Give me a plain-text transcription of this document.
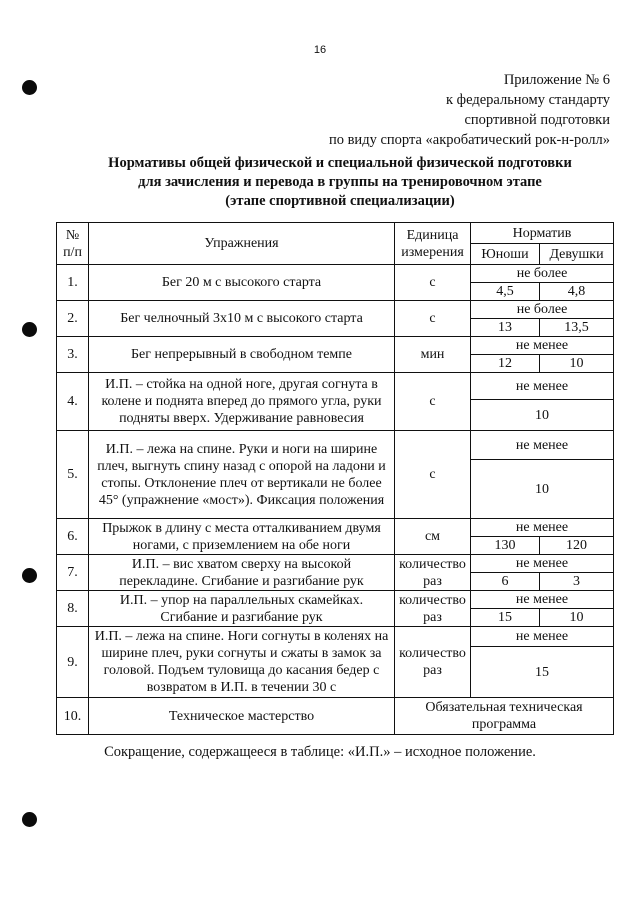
16
Приложение № 6
к федеральному стандарту
спортивной подготовки
по виду спорта «акробатический рок-н-ролл»
Нормативы общей физической и специальной физической подготовки
для зачисления и перевода в группы на тренировочном этапе
(этапе спортивной специализации)
№ п/п	Упражнения	Единица измерения	Норматив	
			Юноши	Девушки
1.	Бег 20 м с высокого старта	с	не более	
			4,5	4,8
2.	Бег челночный 3х10 м с высокого старта	с	не более	
			13	13,5
3.	Бег непрерывный в свободном темпе	мин	не менее	
			12	10
4.	И.П. – стойка на одной ноге, другая согнута в колене и поднята вперед до прямого угла, руки подняты вверх. Удерживание равновесия	с	не менее	
			10	
5.	И.П. – лежа на спине. Руки и ноги на ширине плеч, выгнуть спину назад с опорой на ладони и стопы. Отклонение плеч от вертикали не более 45° (упражнение «мост»). Фиксация положения	с	не менее	
			10	
6.	Прыжок в длину с места отталкиванием двумя ногами, с приземлением на обе ноги	см	не менее	
			130	120
7.	И.П. – вис хватом сверху на высокой перекладине. Сгибание и разгибание рук	количество раз	не менее	
			6	3
8.	И.П. – упор на параллельных скамейках. Сгибание и разгибание рук	количество раз	не менее	
			15	10
9.	И.П. – лежа на спине. Ноги согнуты в коленях на ширине плеч, руки согнуты и сжаты в замок за головой. Подъем туловища до касания бедер с возвратом в И.П. в течении 30 с	количество раз	не менее	
			15	
10.	Техническое мастерство	Обязательная техническая программа		
Сокращение, содержащееся в таблице: «И.П.» – исходное положение.
